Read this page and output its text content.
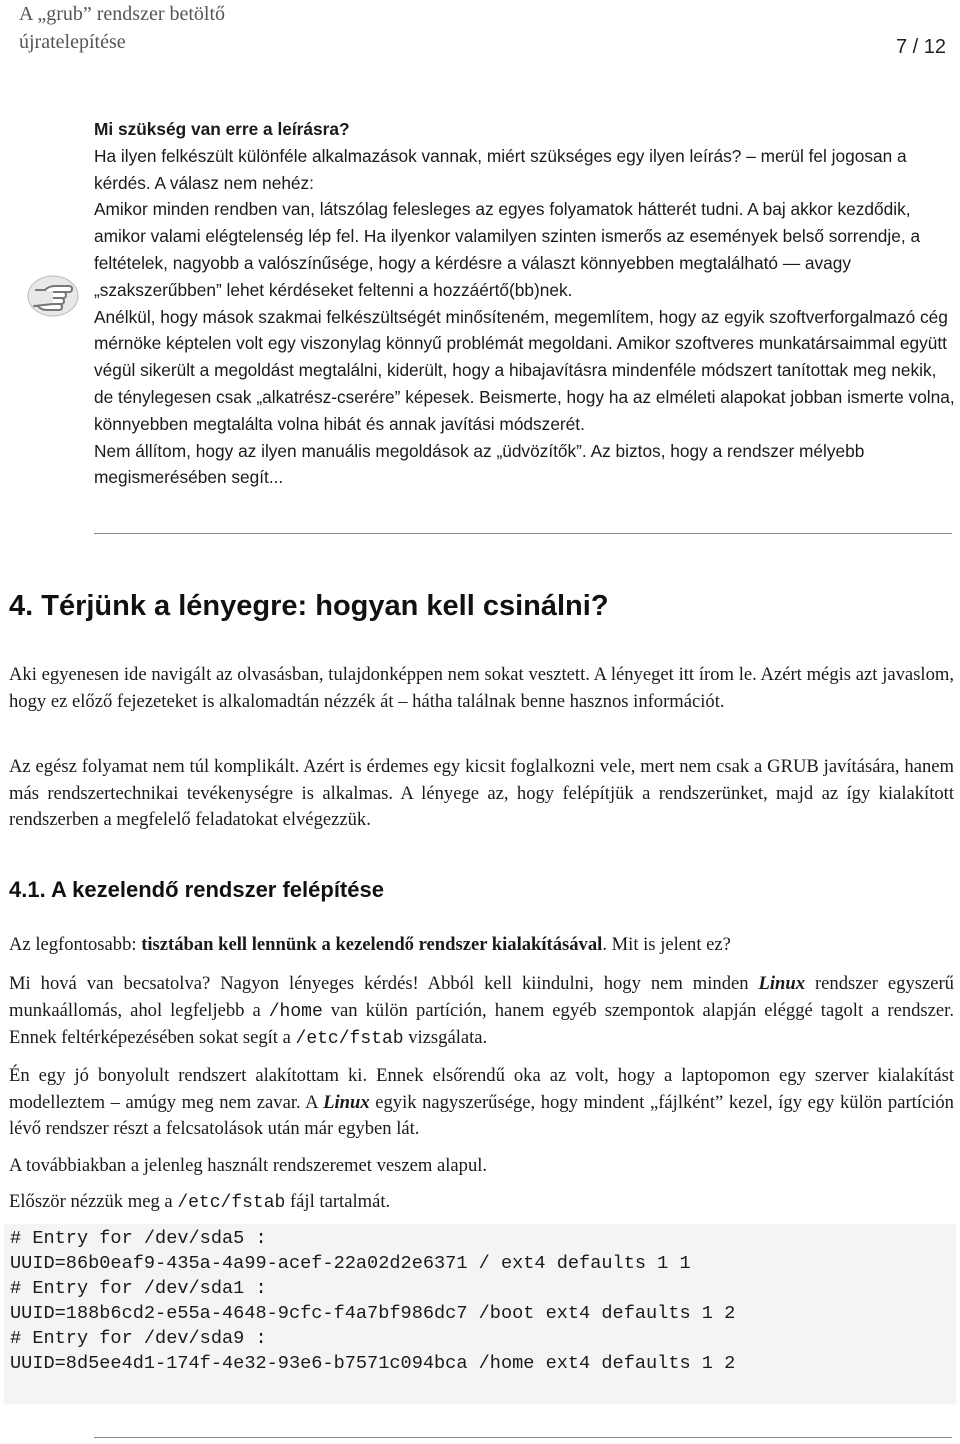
A „grub” rendszer betöltő
újratelepítése	7 / 12

Mi szükség van erre a leírásra?

Ha ilyen felkészült különféle alkalmazások vannak, miért szükséges egy ilyen leírás? – merül fel jogosan a kérdés. A válasz nem nehéz:

Amikor minden rendben van, látszólag felesleges az egyes folyamatok hátterét tudni. A baj akkor kezdődik, amikor valami elégtelenség lép fel. Ha ilyenkor valamilyen szinten ismerős az események belső sorrendje, a feltételek, nagyobb a valószínűsége, hogy a kérdésre a választ könnyebben megtalálható — avagy „szakszerűbben” lehet kérdéseket feltenni a hozzáértő(bb)nek.

Anélkül, hogy mások szakmai felkészültségét minősíteném, megemlítem, hogy az egyik szoftverforgalmazó cég mérnöke képtelen volt egy viszonylag könnyű problémát megoldani. Amikor szoftveres munkatársaimmal együtt végül sikerült a megoldást megtalálni, kiderült, hogy a hibajavításra mindenféle módszert tanítottak meg nekik, de ténylegesen csak „alkatrész-cserére” képesek. Beismerte, hogy ha az elméleti alapokat jobban ismerte volna, könnyebben megtalálta volna hibát és annak javítási módszerét.

Nem állítom, hogy az ilyen manuális megoldások az „üdvözítők”. Az biztos, hogy a rendszer mélyebb megismerésében segít...

4. Térjünk a lényegre: hogyan kell csinálni?

Aki egyenesen ide navigált az olvasásban, tulajdonképpen nem sokat vesztett. A lényeget itt írom le. Azért mégis azt javaslom, hogy ez előző fejezeteket is alkalomadtán nézzék át – hátha találnak benne hasznos információt.

Az egész folyamat nem túl komplikált. Azért is érdemes egy kicsit foglalkozni vele, mert nem csak a GRUB javítására, hanem más rendszertechnikai tevékenységre is alkalmas. A lényege az, hogy felépítjük a rendszerünket, majd az így kialakított rendszerben a megfelelő feladatokat elvégezzük.

4.1. A kezelendő rendszer felépítése

Az legfontosabb: tisztában kell lennünk a kezelendő rendszer kialakításával. Mit is jelent ez?

Mi hová van becsatolva? Nagyon lényeges kérdés! Abból kell kiindulni, hogy nem minden Linux rendszer egyszerű munkaállomás, ahol legfeljebb a /home van külön partíción, hanem egyéb szempontok alapján eléggé tagolt a rendszer. Ennek feltérképezésében sokat segít a /etc/fstab vizsgálata.

Én egy jó bonyolult rendszert alakítottam ki. Ennek elsőrendű oka az volt, hogy a laptopomon egy szerver kialakítást modelleztem – amúgy meg nem zavar. A Linux egyik nagyszerűsége, hogy mindent „fájlként” kezel, így egy külön partíción lévő rendszer részt a felcsatolások után már egyben lát.

A továbbiakban a jelenleg használt rendszeremet veszem alapul.

Először nézzük meg a /etc/fstab fájl tartalmát.

# Entry for /dev/sda5 :
UUID=86b0eaf9-435a-4a99-acef-22a02d2e6371 / ext4 defaults 1 1
# Entry for /dev/sda1 :
UUID=188b6cd2-e55a-4648-9cfc-f4a7bf986dc7 /boot ext4 defaults 1 2
# Entry for /dev/sda9 :
UUID=8d5ee4d1-174f-4e32-93e6-b7571c094bca /home ext4 defaults 1 2
